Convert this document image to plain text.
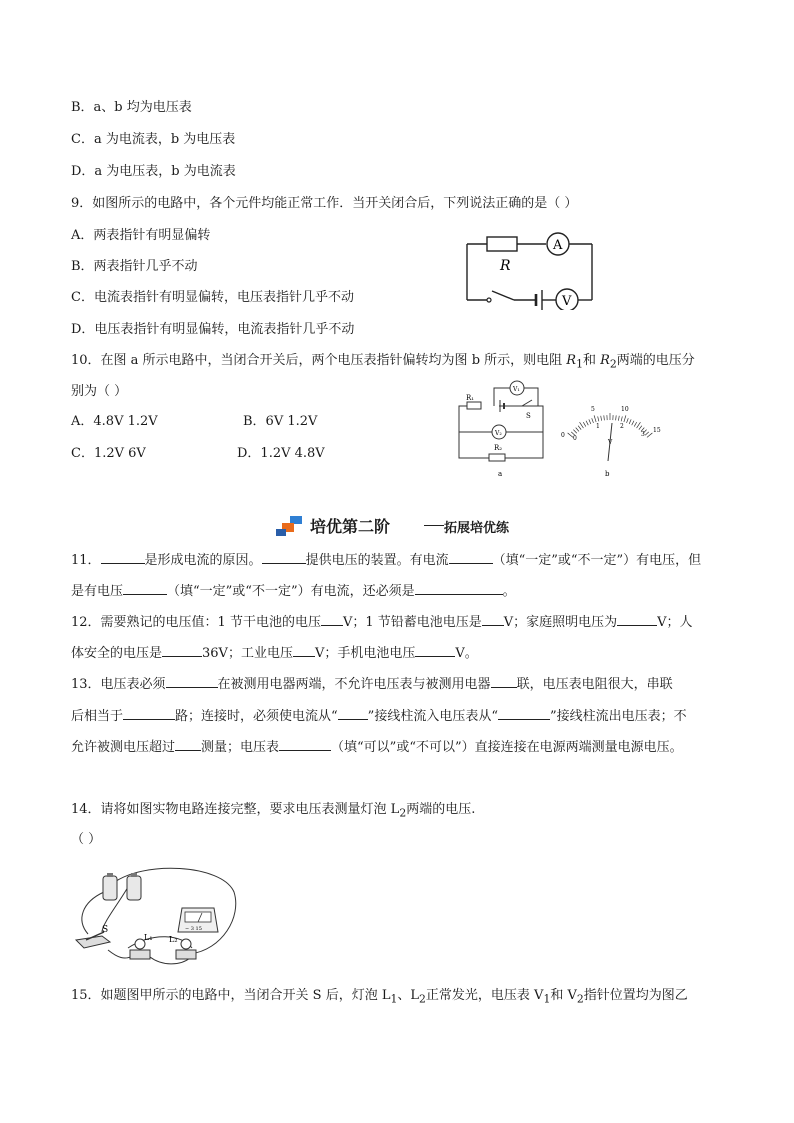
B．a、b 均为电压表
C．a 为电流表，b 为电压表
D．a 为电压表，b 为电流表
9．如图所示的电路中，各个元件均能正常工作．当开关闭合后，下列说法正确的是（ ）
A．两表指针有明显偏转
B．两表指针几乎不动
C．电流表指针有明显偏转，电压表指针几乎不动
D．电压表指针有明显偏转，电流表指针几乎不动
R
A
V
10．在图 a 所示电路中，当闭合开关后，两个电压表指针偏转均为图 b 所示，则电阻 $R_1$和 $R_2$两端的电压分
别为（ ）
A．4.8V 1.2V	B．6V 1.2V
C．1.2V 6V	D．1.2V 4.8V
R₁
R₂
V₁
V₂
S
a
0
5	10
15
0
1	2
3
V
b
培优第二阶	拓展培优练
11．	是形成电流的原因。	提供电压的装置。有电流	（填“一定”或“不一定”）有电压，但
是有电压	（填“一定”或“不一定”）有电流，还必须是	。
12．需要熟记的电压值：1 节干电池的电压 V；1 节铅蓄电池电压是 V；家庭照明电压为	V；人
体安全的电压是	36V；工业电压 V；手机电池电压	V。
13．电压表必须	在被测用电器两端，不允许电压表与被测用电器 联，电压表电阻很大，串联
后相当于	路；连接时，必须使电流从“ ”接线柱流入电压表从“	”接线柱流出电压表；不
允许被测电压超过 测量；电压表	（填“可以”或“不可以”）直接连接在电源两端测量电源电压。
14．请将如图实物电路连接完整，要求电压表测量灯泡 $L_2$两端的电压.
（ ）
− 3 15
S
L₁ L₂
15．如题图甲所示的电路中，当闭合开关 S 后，灯泡 $L_1$、$L_2$正常发光，电压表 $V_1$和 $V_2$指针位置均为图乙
